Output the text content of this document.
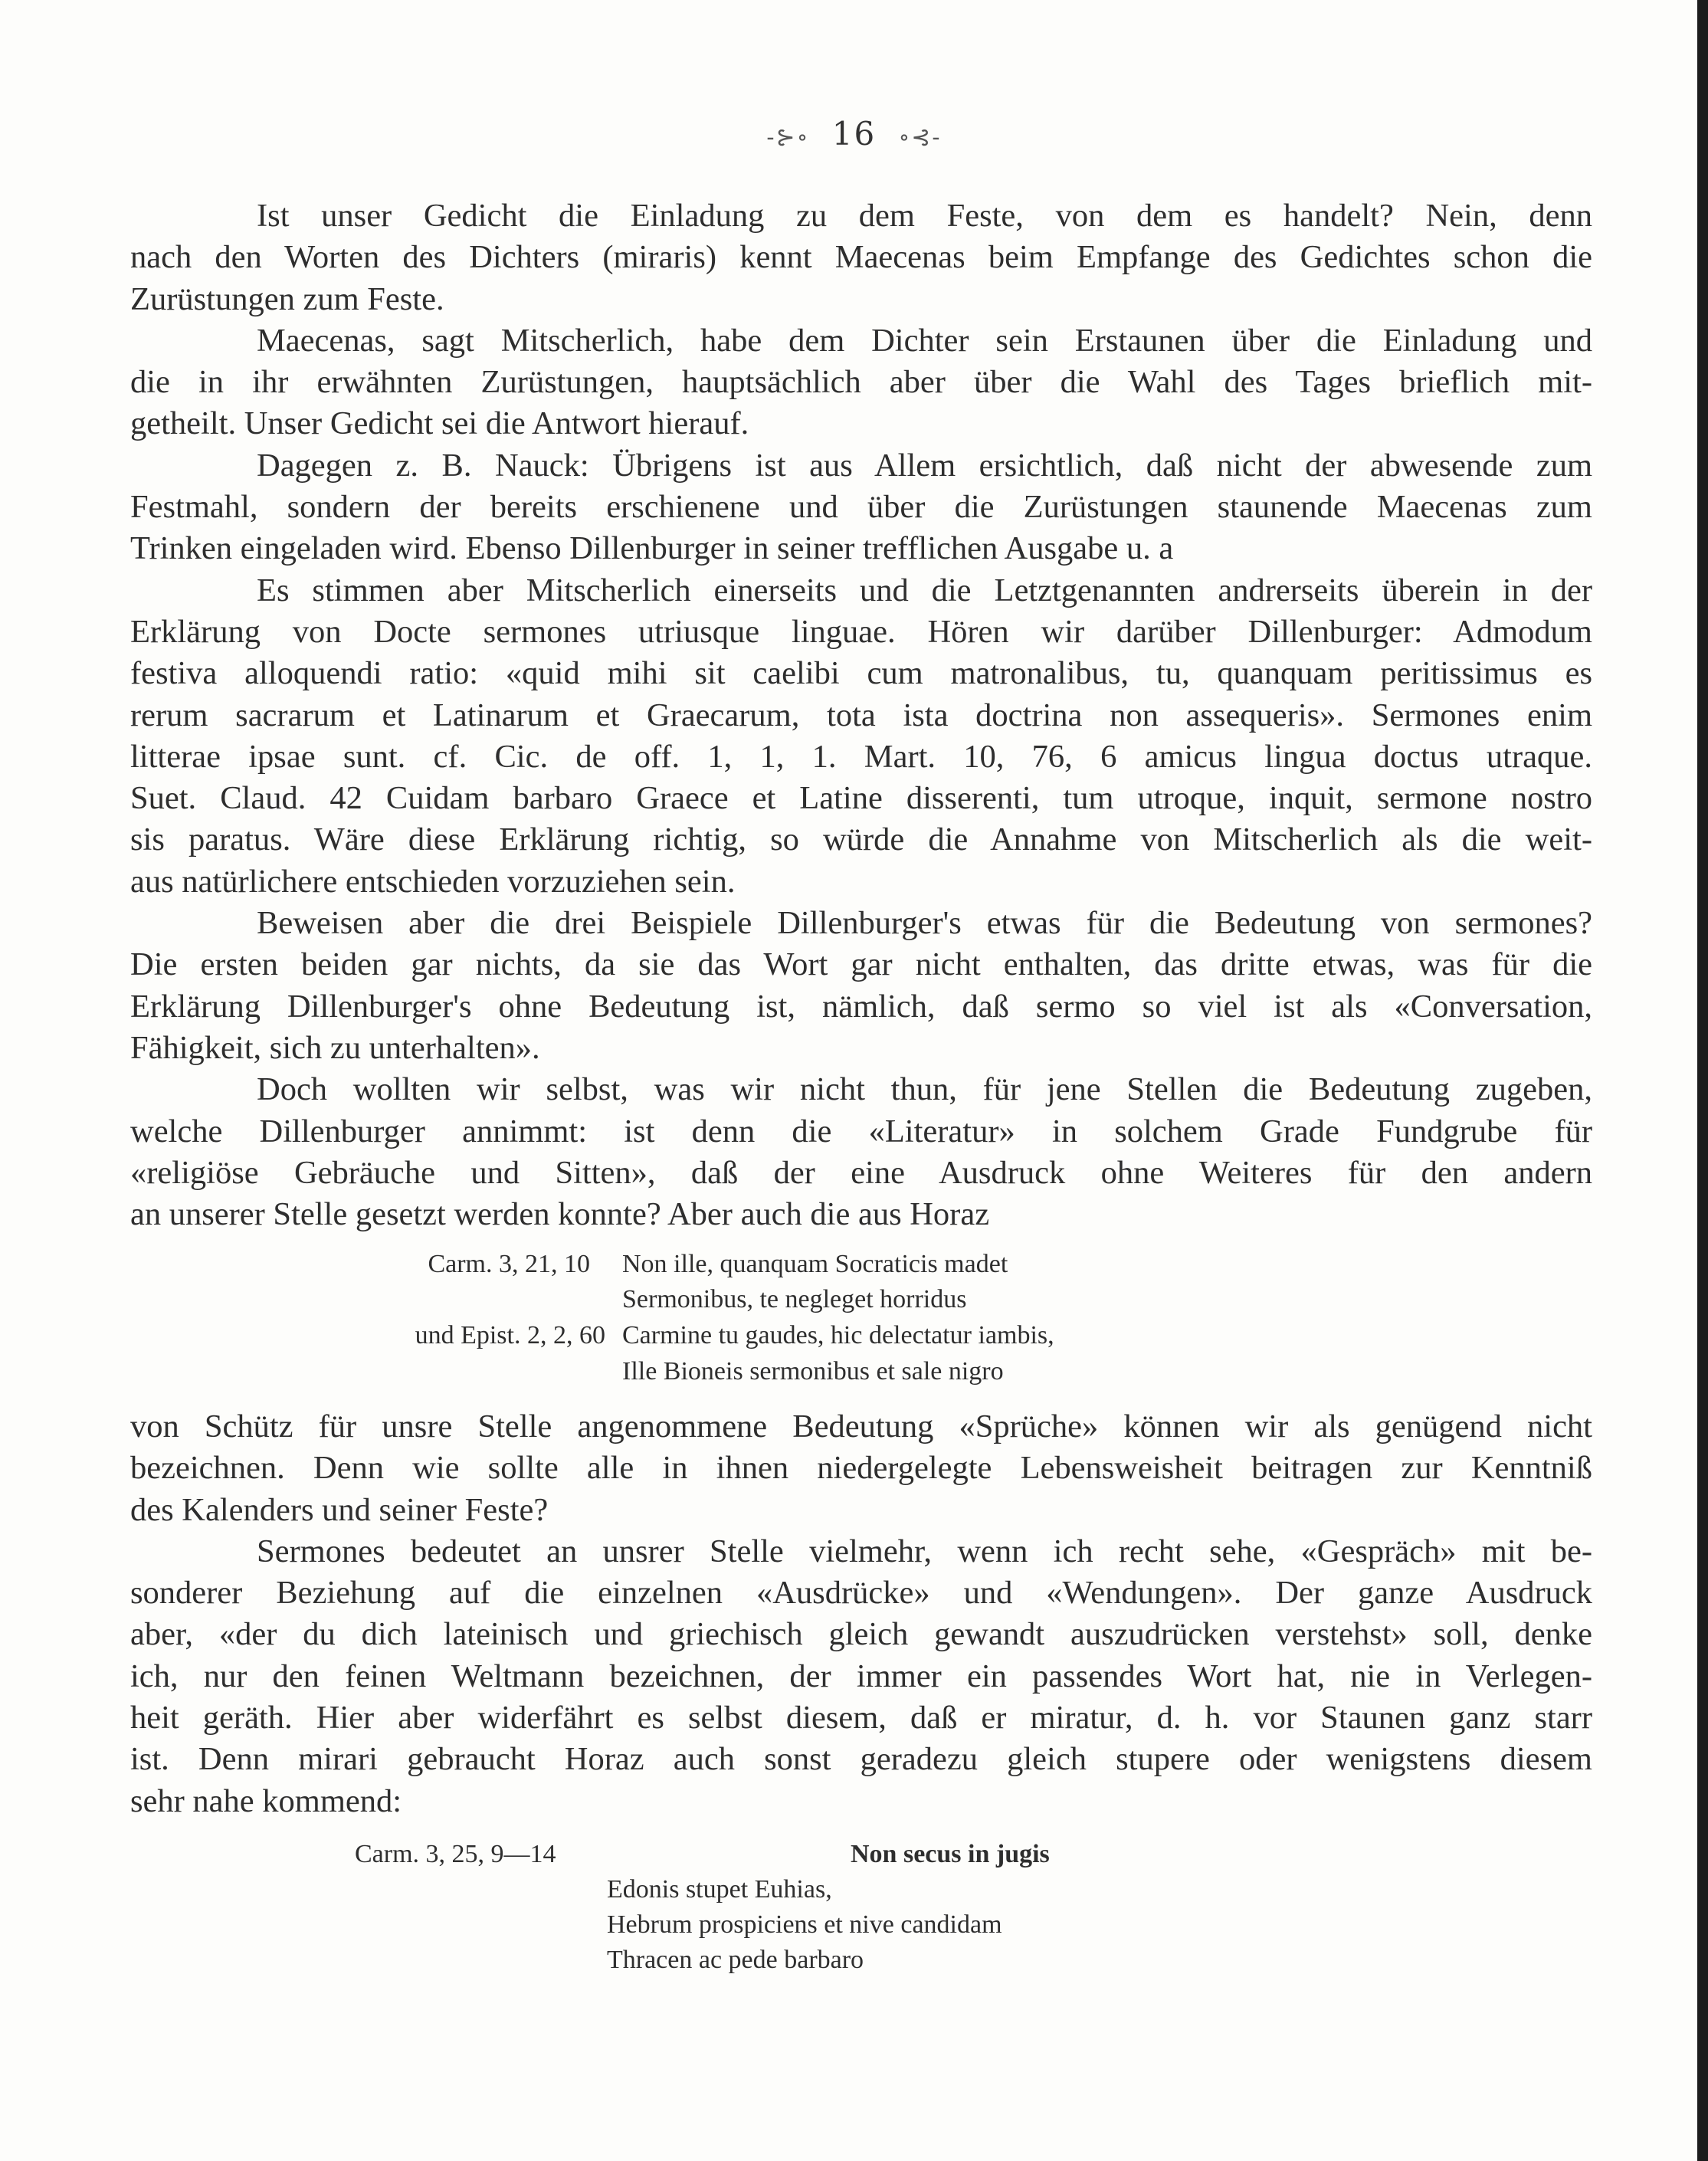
-⊱∘ 16 ∘⊰-
Ist unser Gedicht die Einladung zu dem Feste, von dem es handelt? Nein, denn
nach den Worten des Dichters (miraris) kennt Maecenas beim Empfange des Gedichtes schon die
Zurüstungen zum Feste.
Maecenas, sagt Mitscherlich, habe dem Dichter sein Erstaunen über die Einladung und
die in ihr erwähnten Zurüstungen, hauptsächlich aber über die Wahl des Tages brieflich mit-
getheilt. Unser Gedicht sei die Antwort hierauf.
Dagegen z. B. Nauck: Übrigens ist aus Allem ersichtlich, daß nicht der abwesende zum
Festmahl, sondern der bereits erschienene und über die Zurüstungen staunende Maecenas zum
Trinken eingeladen wird. Ebenso Dillenburger in seiner trefflichen Ausgabe u. a
Es stimmen aber Mitscherlich einerseits und die Letztgenannten andrerseits überein in der
Erklärung von Docte sermones utriusque linguae. Hören wir darüber Dillenburger: Admodum
festiva alloquendi ratio: «quid mihi sit caelibi cum matronalibus, tu, quanquam peritissimus es
rerum sacrarum et Latinarum et Graecarum, tota ista doctrina non assequeris». Sermones enim
litterae ipsae sunt. cf. Cic. de off. 1, 1, 1. Mart. 10, 76, 6 amicus lingua doctus utraque.
Suet. Claud. 42 Cuidam barbaro Graece et Latine disserenti, tum utroque, inquit, sermone nostro
sis paratus. Wäre diese Erklärung richtig, so würde die Annahme von Mitscherlich als die weit-
aus natürlichere entschieden vorzuziehen sein.
Beweisen aber die drei Beispiele Dillenburger's etwas für die Bedeutung von sermones?
Die ersten beiden gar nichts, da sie das Wort gar nicht enthalten, das dritte etwas, was für die
Erklärung Dillenburger's ohne Bedeutung ist, nämlich, daß sermo so viel ist als «Conversation,
Fähigkeit, sich zu unterhalten».
Doch wollten wir selbst, was wir nicht thun, für jene Stellen die Bedeutung zugeben,
welche Dillenburger annimmt: ist denn die «Literatur» in solchem Grade Fundgrube für
«religiöse Gebräuche und Sitten», daß der eine Ausdruck ohne Weiteres für den andern
an unserer Stelle gesetzt werden konnte? Aber auch die aus Horaz

Carm. 3, 21, 10

Non ille, quanquam Socraticis madet

Sermonibus, te negleget horridus

und Epist. 2, 2, 60

Carmine tu gaudes, hic delectatur iambis,

Ille Bioneis sermonibus et sale nigro

von Schütz für unsre Stelle angenommene Bedeutung «Sprüche» können wir als genügend nicht
bezeichnen. Denn wie sollte alle in ihnen niedergelegte Lebensweisheit beitragen zur Kenntniß
des Kalenders und seiner Feste?
Sermones bedeutet an unsrer Stelle vielmehr, wenn ich recht sehe, «Gespräch» mit be-
sonderer Beziehung auf die einzelnen «Ausdrücke» und «Wendungen». Der ganze Ausdruck
aber, «der du dich lateinisch und griechisch gleich gewandt auszudrücken verstehst» soll, denke
ich, nur den feinen Weltmann bezeichnen, der immer ein passendes Wort hat, nie in Verlegen-
heit geräth. Hier aber widerfährt es selbst diesem, daß er miratur, d. h. vor Staunen ganz starr
ist. Denn mirari gebraucht Horaz auch sonst geradezu gleich stupere oder wenigstens diesem
sehr nahe kommend:
Carm. 3, 25, 9—14	Non secus in jugis
Edonis stupet Euhias,
Hebrum prospiciens et nive candidam
Thracen ac pede barbaro
